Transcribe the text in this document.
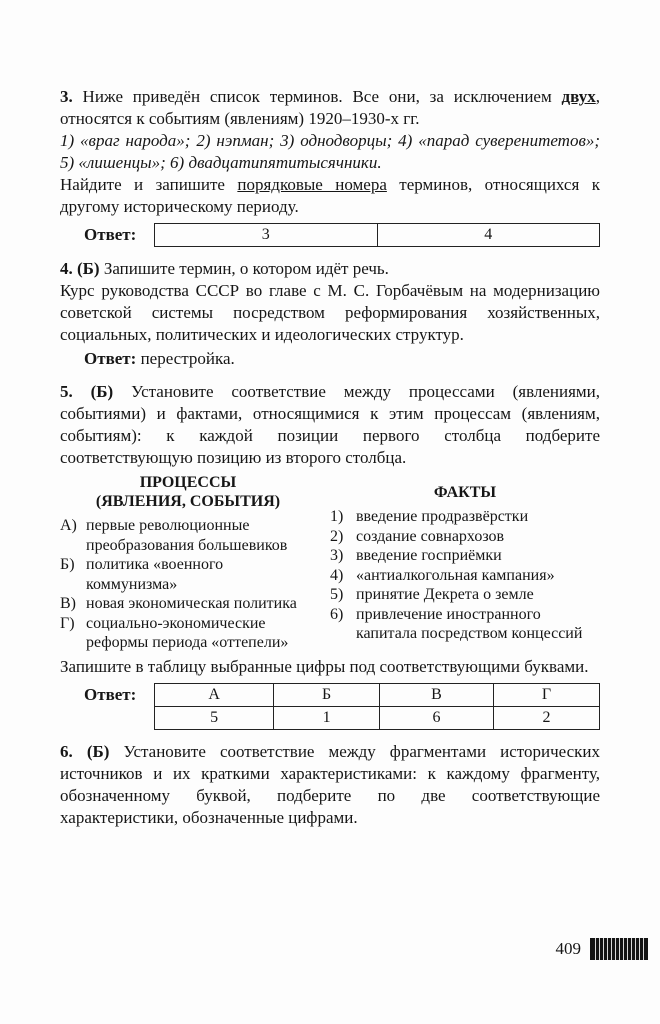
3. Ниже приведён список терминов. Все они, за исключением двух, относятся к событиям (явлениям) 1920–1930-х гг.

1) «враг народа»; 2) нэпман; 3) однодворцы; 4) «парад суверенитетов»; 5) «лишенцы»; 6) двадцатипятитысячники.

Найдите и запишите порядковые номера терминов, относящихся к другому историческому периоду.

Ответ:	3	4

4. (Б) Запишите термин, о котором идёт речь.

Курс руководства СССР во главе с М. С. Горбачёвым на модернизацию советской системы посредством реформирования хозяйственных, социальных, политических и идеологических структур.

Ответ: перестройка.

5. (Б) Установите соответствие между процессами (явлениями, событиями) и фактами, относящимися к этим процессам (явлениям, событиям): к каждой позиции первого столбца подберите соответствующую позицию из второго столбца.

ПРОЦЕССЫ
(ЯВЛЕНИЯ, СОБЫТИЯ)
А) первые революционные преобразования большевиков
Б) политика «военного коммунизма»
В) новая экономическая политика
Г) социально-экономические реформы периода «оттепели»
ФАКТЫ
1) введение продразвёрстки
2) создание совнархозов
3) введение госприёмки
4) «антиалкогольная кампания»
5) принятие Декрета о земле
6) привлечение иностранного капитала посредством концессий

Запишите в таблицу выбранные цифры под соответствующими буквами.

Ответ:	А	Б	В	Г
5	1	6	2

6. (Б) Установите соответствие между фрагментами исторических источников и их краткими характеристиками: к каждому фрагменту, обозначенному буквой, подберите по две соответствующие характеристики, обозначенные цифрами.

409
